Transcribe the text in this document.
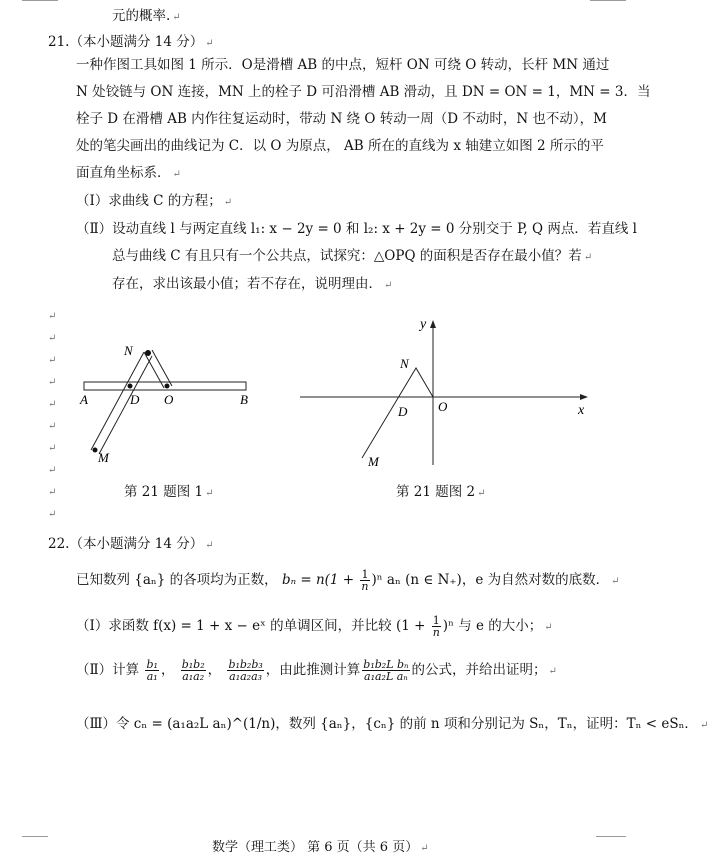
元的概率. ↵
21.（本小题满分 14 分） ↵
一种作图工具如图 1 所示．O是滑槽 AB 的中点，短杆 ON 可绕 O 转动，长杆 MN 通过
N 处铰链与 ON 连接，MN 上的栓子 D 可沿滑槽 AB 滑动，且 DN = ON = 1，MN = 3．当
栓子 D 在滑槽 AB 内作往复运动时，带动 N 绕 O 转动一周（D 不动时，N 也不动），M
处的笔尖画出的曲线记为 C．以 O 为原点， AB 所在的直线为 x 轴建立如图 2 所示的平
面直角坐标系． ↵
（Ⅰ）求曲线 C 的方程； ↵
（Ⅱ）设动直线 l 与两定直线 l₁: x − 2y = 0 和 l₂: x + 2y = 0 分别交于 P, Q 两点．若直线 l
总与曲线 C 有且只有一个公共点，试探究：△OPQ 的面积是否存在最小值？若 ↵
存在，求出该最小值；若不存在，说明理由． ↵
↵
↵
↵
↵
↵
↵
↵
↵
↵
↵
N
A	D O	B
M
第 21 题图 1 ↵
y
x
N
D O
M
第 21 题图 2 ↵
22.（本小题满分 14 分） ↵
已知数列 {aₙ} 的各项均为正数， $b_n = n(1 + \frac{1}{n} )^n$ aₙ (n ∈ N₊)，e 为自然对数的底数． ↵
（Ⅰ）求函数 f(x) = 1 + x − eˣ 的单调区间，并比较 $(1 + \frac{1}{n} )^n$ 与 e 的大小； ↵
（Ⅱ）计算 $\frac{\text{b₁}}{\text{a₁}}$ ， $\frac{\text{b₁b₂}}{\text{a₁a₂}}$ ， $\frac{\text{b₁b₂b₃}}{\text{a₁a₂a₃}}$ ，由此推测计算 $\frac{\text{b₁b₂L bₙ}}{\text{a₁a₂L aₙ}}$ 的公式，并给出证明； ↵
（Ⅲ）令 cₙ = (a₁a₂L aₙ)^(1/n)，数列 {aₙ}，{cₙ} 的前 n 项和分别记为 Sₙ，Tₙ，证明：Tₙ < eSₙ． ↵
数学（理工类） 第 6 页（共 6 页） ↵
